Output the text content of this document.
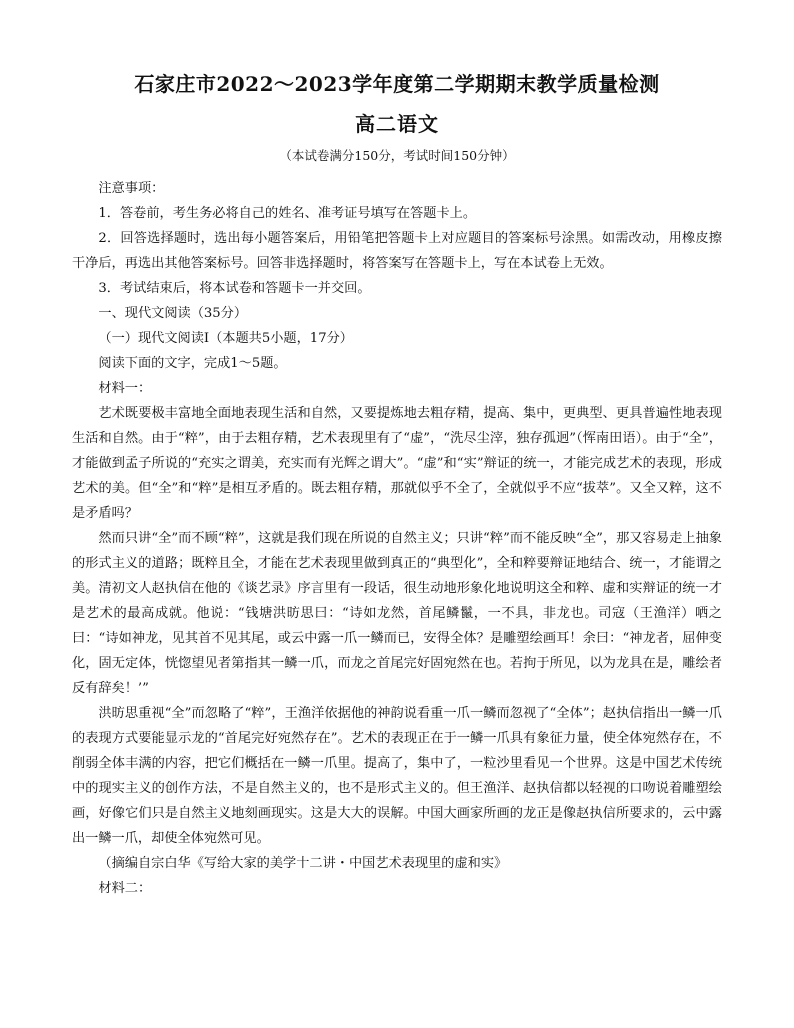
石家庄市2022～2023学年度第二学期期末教学质量检测
高二语文
（本试卷满分150分，考试时间150分钟）

注意事项：

1．答卷前，考生务必将自己的姓名、准考证号填写在答题卡上。

2．回答选择题时，选出每小题答案后，用铅笔把答题卡上对应题目的答案标号涂黑。如需改动，用橡皮擦干净后，再选出其他答案标号。回答非选择题时，将答案写在答题卡上，写在本试卷上无效。

3．考试结束后，将本试卷和答题卡一并交回。

一、现代文阅读（35分）

（一）现代文阅读Ⅰ（本题共5小题，17分）

阅读下面的文字，完成1～5题。

材料一：

艺术既要极丰富地全面地表现生活和自然，又要提炼地去粗存精，提高、集中，更典型、更具普遍性地表现生活和自然。由于“粹”，由于去粗存精，艺术表现里有了“虚”，“洗尽尘滓，独存孤迥”（恽南田语）。由于“全”，才能做到孟子所说的“充实之谓美，充实而有光辉之谓大”。“虚”和“实”辩证的统一，才能完成艺术的表现，形成艺术的美。但“全”和“粹”是相互矛盾的。既去粗存精，那就似乎不全了，全就似乎不应“拔萃”。又全又粹，这不是矛盾吗？

然而只讲“全”而不顾“粹”，这就是我们现在所说的自然主义；只讲“粹”而不能反映“全”，那又容易走上抽象的形式主义的道路；既粹且全，才能在艺术表现里做到真正的“典型化”，全和粹要辩证地结合、统一，才能谓之美。清初文人赵执信在他的《谈艺录》序言里有一段话，很生动地形象化地说明这全和粹、虚和实辩证的统一才是艺术的最高成就。他说：“钱塘洪昉思曰：“诗如龙然，首尾鳞鬣，一不具，非龙也。司寇（王渔洋）哂之曰：“诗如神龙，见其首不见其尾，或云中露一爪一鳞而已，安得全体？是雕塑绘画耳！余曰：“神龙者，屈伸变化，固无定体，恍惚望见者第指其一鳞一爪，而龙之首尾完好固宛然在也。若拘于所见，以为龙具在是，雕绘者反有辞矣！’”

洪昉思重视“全”而忽略了“粹”，王渔洋依据他的神韵说看重一爪一鳞而忽视了“全体”；赵执信指出一鳞一爪的表现方式要能显示龙的“首尾完好宛然存在”。艺术的表现正在于一鳞一爪具有象征力量，使全体宛然存在，不削弱全体丰满的内容，把它们概括在一鳞一爪里。提高了，集中了，一粒沙里看见一个世界。这是中国艺术传统中的现实主义的创作方法，不是自然主义的，也不是形式主义的。但王渔洋、赵执信都以轻视的口吻说着雕塑绘画，好像它们只是自然主义地刻画现实。这是大大的误解。中国大画家所画的龙正是像赵执信所要求的，云中露出一鳞一爪，却使全体宛然可见。

（摘编自宗白华《写给大家的美学十二讲・中国艺术表现里的虚和实》

材料二：
